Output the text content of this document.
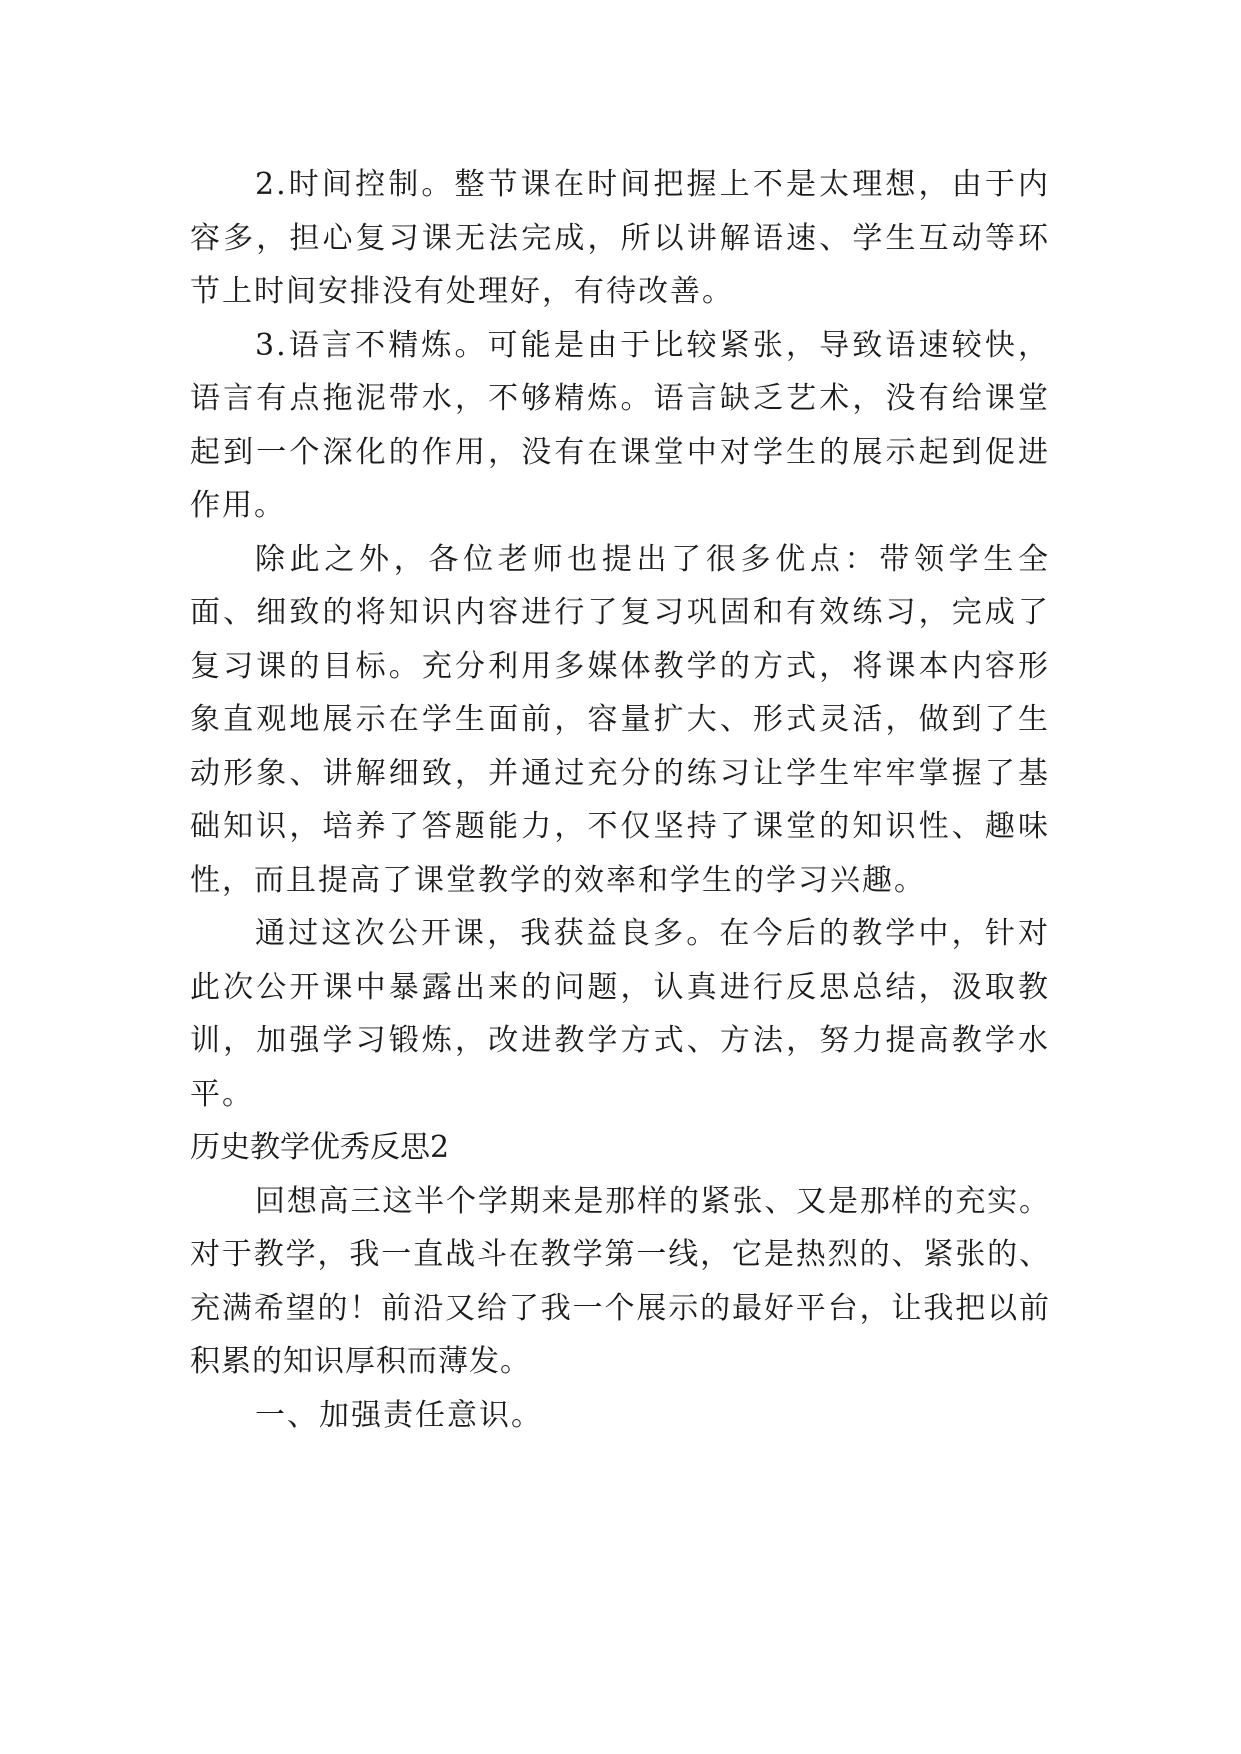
2.时间控制。整节课在时间把握上不是太理想，由于内容多，担心复习课无法完成，所以讲解语速、学生互动等环节上时间安排没有处理好，有待改善。

3.语言不精炼。可能是由于比较紧张，导致语速较快，语言有点拖泥带水，不够精炼。语言缺乏艺术，没有给课堂起到一个深化的作用，没有在课堂中对学生的展示起到促进作用。

除此之外，各位老师也提出了很多优点：带领学生全面、细致的将知识内容进行了复习巩固和有效练习，完成了复习课的目标。充分利用多媒体教学的方式，将课本内容形象直观地展示在学生面前，容量扩大、形式灵活，做到了生动形象、讲解细致，并通过充分的练习让学生牢牢掌握了基础知识，培养了答题能力，不仅坚持了课堂的知识性、趣味性，而且提高了课堂教学的效率和学生的学习兴趣。

通过这次公开课，我获益良多。在今后的教学中，针对此次公开课中暴露出来的问题，认真进行反思总结，汲取教训，加强学习锻炼，改进教学方式、方法，努力提高教学水平。

历史教学优秀反思2

回想高三这半个学期来是那样的紧张、又是那样的充实。对于教学，我一直战斗在教学第一线，它是热烈的、紧张的、充满希望的！前沿又给了我一个展示的最好平台，让我把以前积累的知识厚积而薄发。

一、加强责任意识。
